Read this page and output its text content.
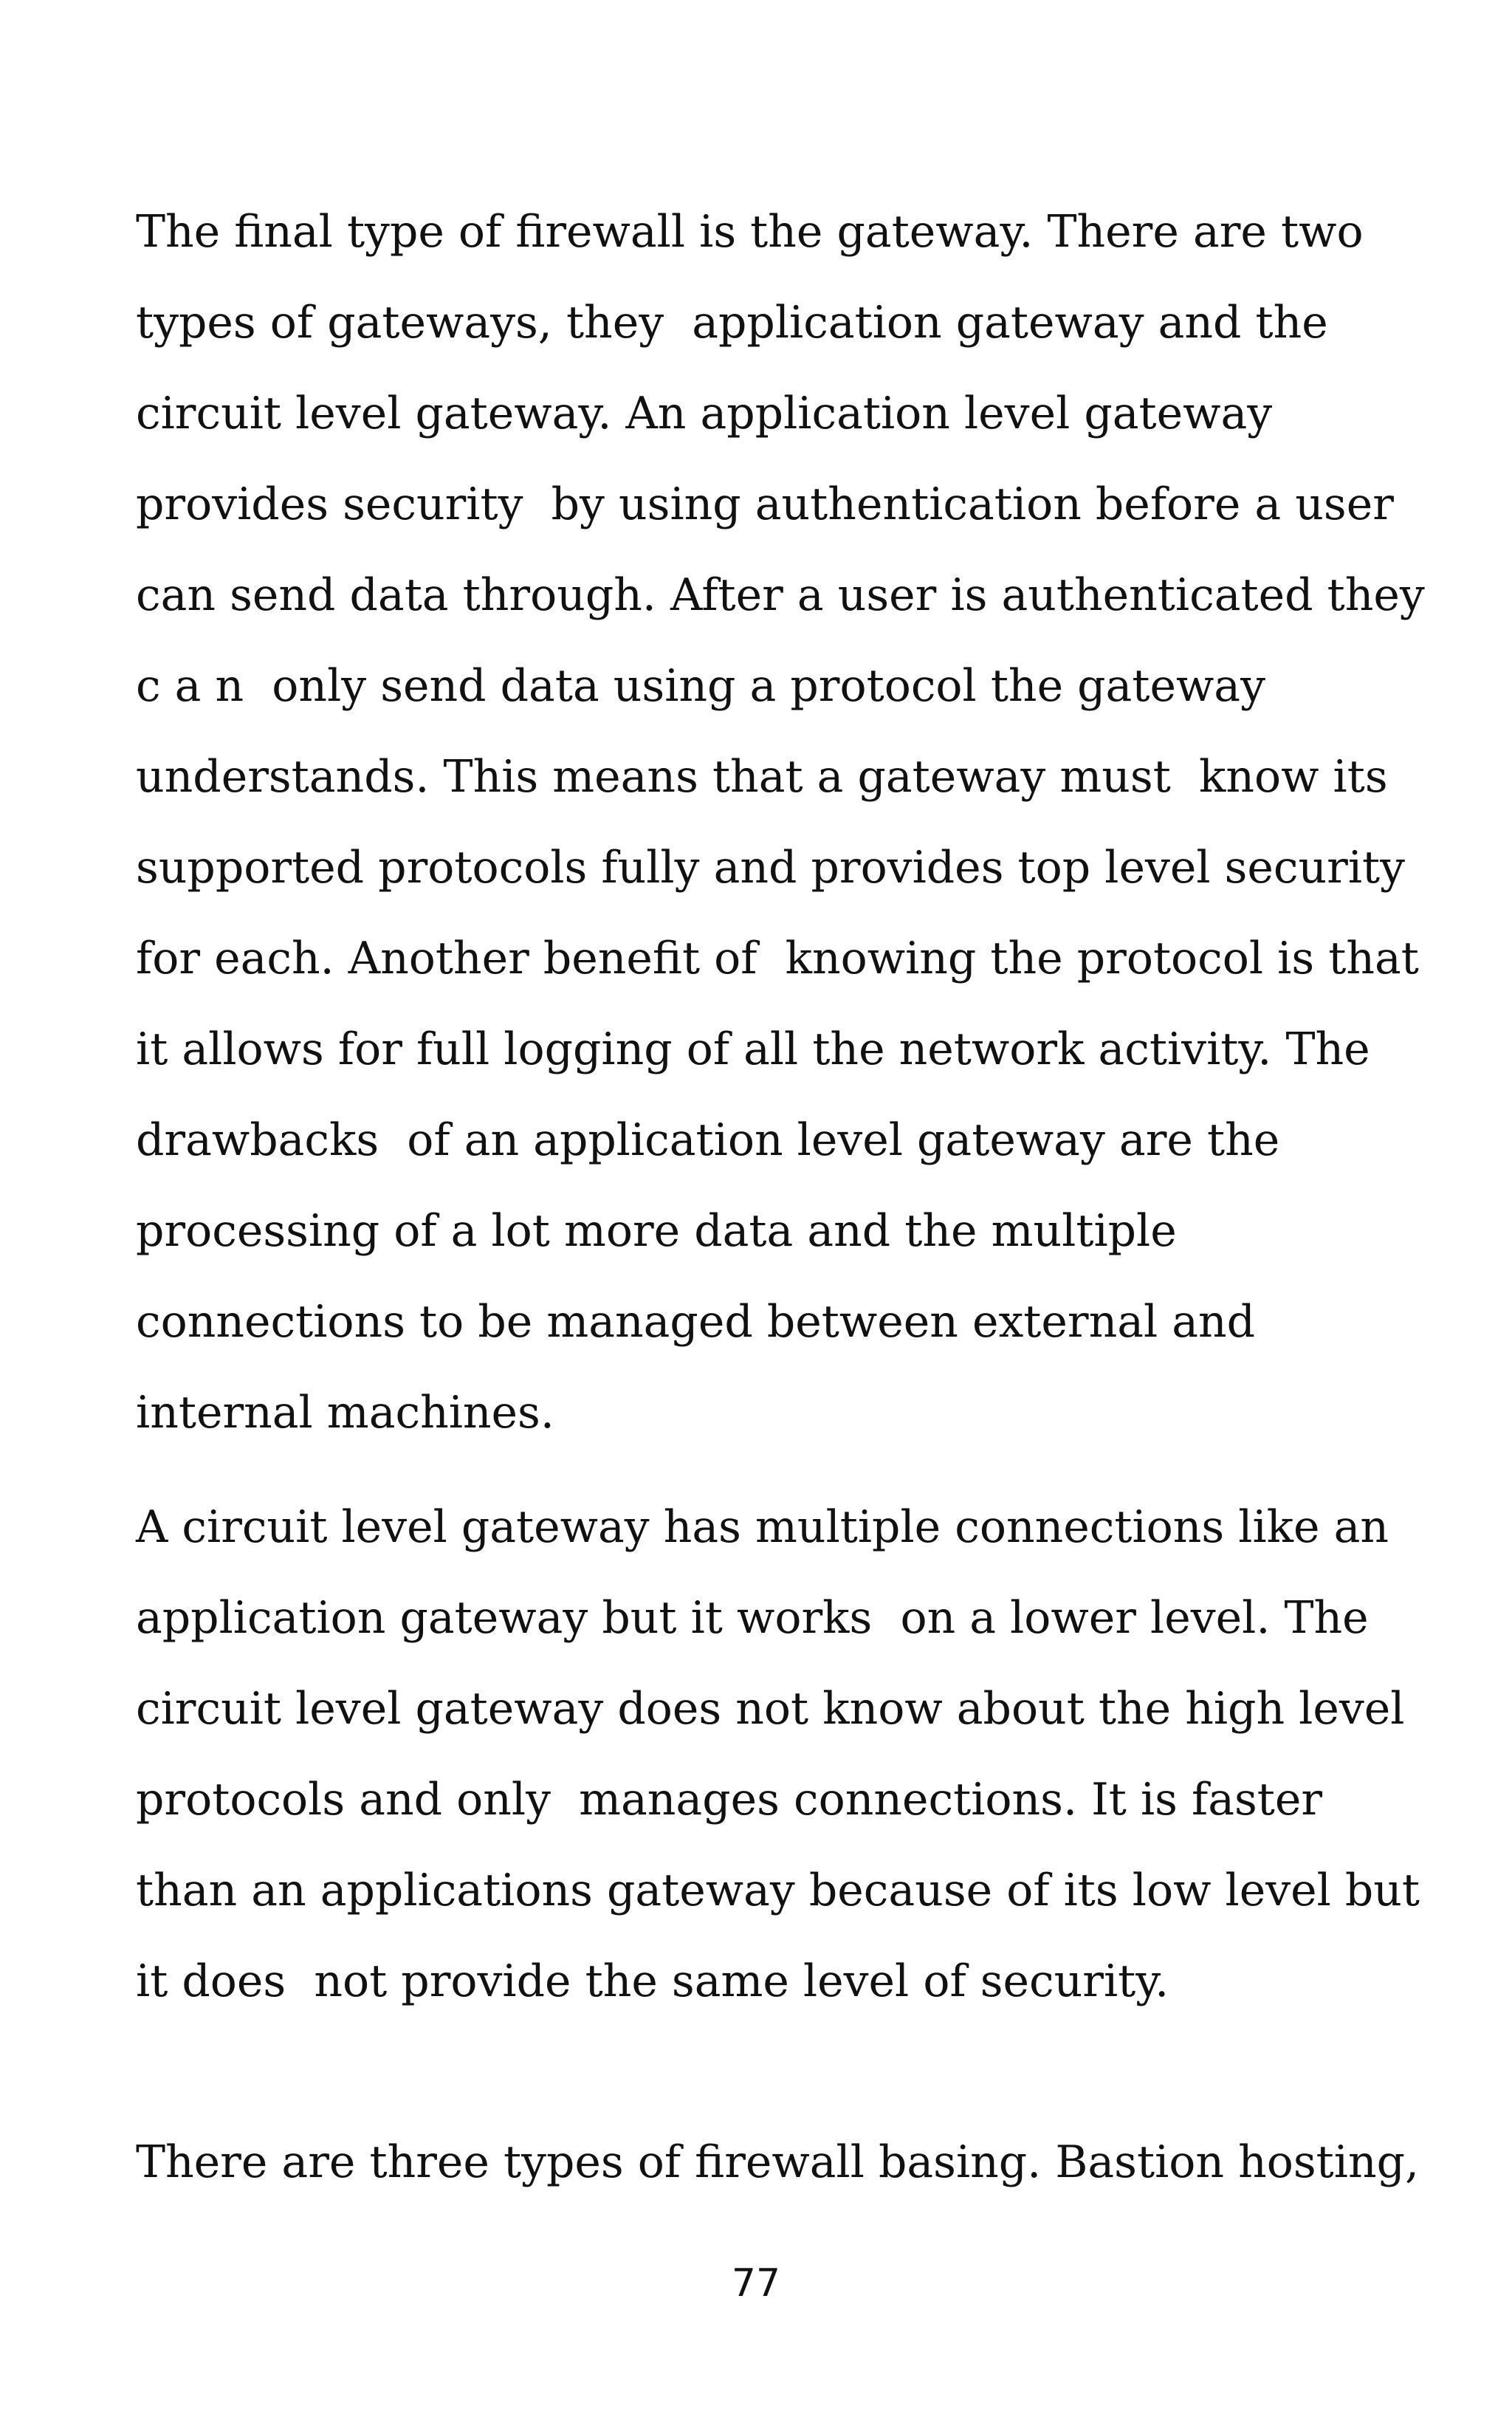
The final type of firewall is the gateway. There are two
types of gateways, they  application gateway and the
circuit level gateway. An application level gateway
provides security  by using authentication before a user
can send data through. After a user is authenticated they
c a n  only send data using a protocol the gateway
understands. This means that a gateway must  know its
supported protocols fully and provides top level security
for each. Another benefit of  knowing the protocol is that
it allows for full logging of all the network activity. The
drawbacks  of an application level gateway are the
processing of a lot more data and the multiple
connections to be managed between external and
internal machines.
A circuit level gateway has multiple connections like an
application gateway but it works  on a lower level. The
circuit level gateway does not know about the high level
protocols and only  manages connections. It is faster
than an applications gateway because of its low level but
it does  not provide the same level of security.
There are three types of firewall basing. Bastion hosting,
77
